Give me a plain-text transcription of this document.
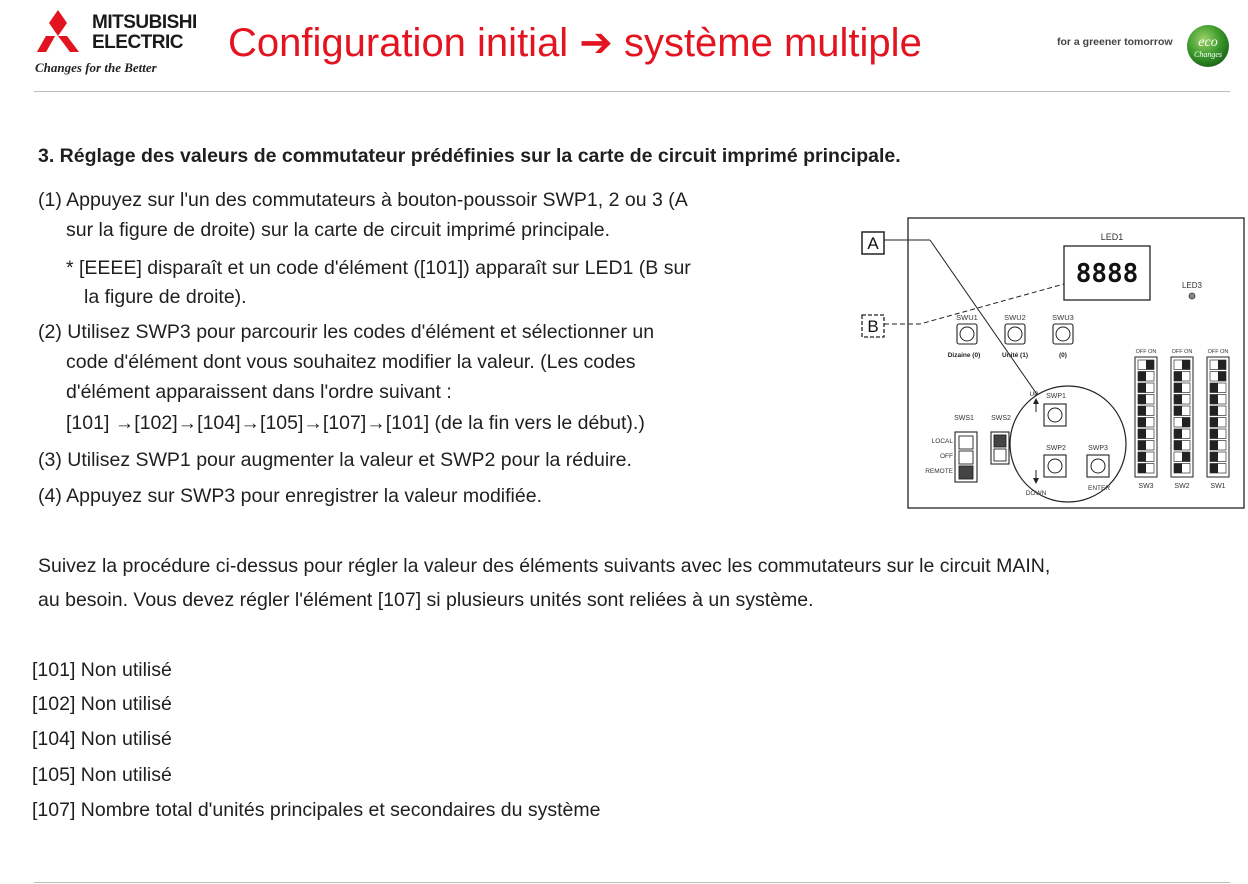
MITSUBISHI
ELECTRIC
Changes for the Better
Configuration initial ➔ système multiple	for a greener tomorrow eco
Changes
3. Réglage des valeurs de commutateur prédéfinies sur la carte de circuit imprimé principale.
(1) Appuyez sur l'un des commutateurs à bouton-poussoir SWP1, 2 ou 3 (A
sur la figure de droite) sur la carte de circuit imprimé principale.
* [EEEE] disparaît et un code d'élément ([101]) apparaît sur LED1 (B sur
la figure de droite).
(2) Utilisez SWP3 pour parcourir les codes d'élément et sélectionner un
code d'élément dont vous souhaitez modifier la valeur. (Les codes
d'élément apparaissent dans l'ordre suivant :
[101] →[102]→[104]→[105]→[107]→[101] (de la fin vers le début).)
(3) Utilisez SWP1 pour augmenter la valeur et SWP2 pour la réduire.
(4) Appuyez sur SWP3 pour enregistrer la valeur modifiée.
A
B
LED1
8888	LED3
SWU1
Dizaine (0)
SWU2
Unité (1)
SWU3
(0)
SWS1
LOCAL
OFF
REMOTE
SWS2
SWP1
UP
SWP2	SWP3
ENTER
DOWN
OFF ON
SW3
OFF ON
SW2
OFF ON
SW1
Suivez la procédure ci-dessus pour régler la valeur des éléments suivants avec les commutateurs sur le circuit MAIN,
au besoin. Vous devez régler l'élément [107] si plusieurs unités sont reliées à un système.
[101] Non utilisé
[102] Non utilisé
[104] Non utilisé
[105] Non utilisé
[107] Nombre total d'unités principales et secondaires du système
